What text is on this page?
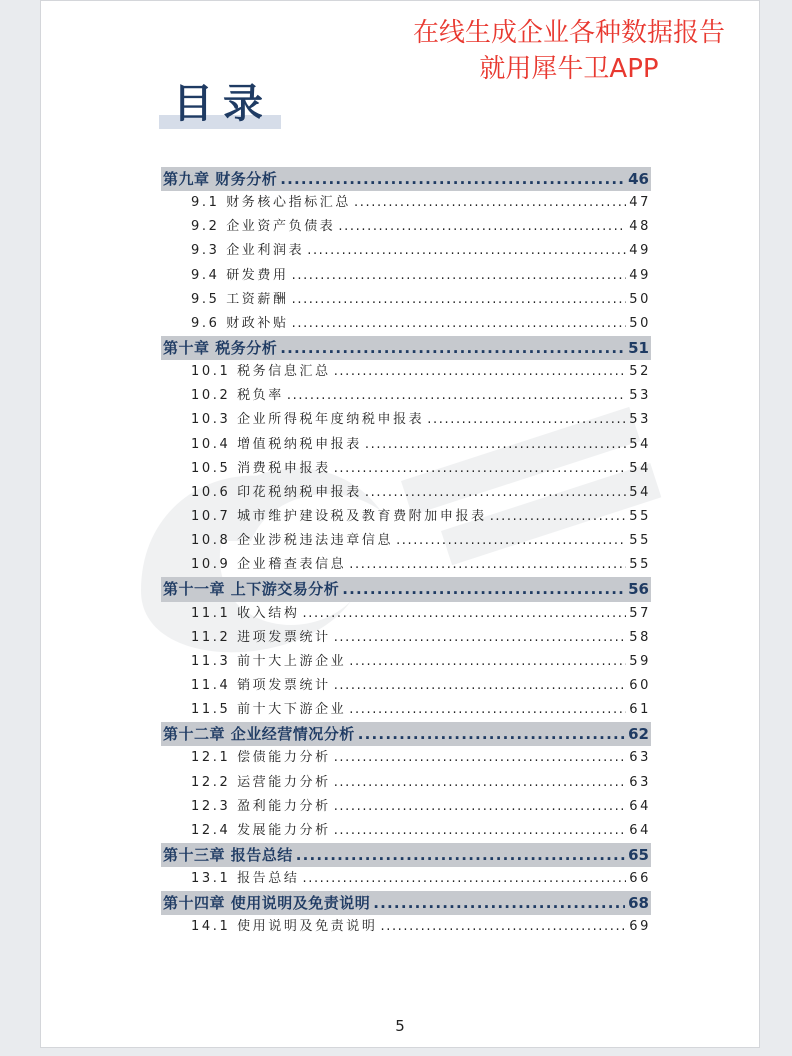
在线生成企业各种数据报告
就用犀牛卫APP
目录
第九章 财务分析 .....	46
9.1 财务核心指标汇总 .....	47
9.2 企业资产负债表 .....	48
9.3 企业利润表 .....	49
9.4 研发费用 .....	49
9.5 工资薪酬 .....	50
9.6 财政补贴 .....	50
第十章 税务分析 .....	51
10.1 税务信息汇总 .....	52
10.2 税负率 .....	53
10.3 企业所得税年度纳税申报表 .....	53
10.4 增值税纳税申报表 .....	54
10.5 消费税申报表 .....	54
10.6 印花税纳税申报表 .....	54
10.7 城市维护建设税及教育费附加申报表 .....	55
10.8 企业涉税违法违章信息 .....	55
10.9 企业稽查表信息 .....	55
第十一章 上下游交易分析 .....	56
11.1 收入结构 .....	57
11.2 进项发票统计 .....	58
11.3 前十大上游企业 .....	59
11.4 销项发票统计 .....	60
11.5 前十大下游企业 .....	61
第十二章 企业经营情况分析 .....	62
12.1 偿债能力分析 .....	63
12.2 运营能力分析 .....	63
12.3 盈利能力分析 .....	64
12.4 发展能力分析 .....	64
第十三章 报告总结 .....	65
13.1 报告总结 .....	66
第十四章 使用说明及免责说明 .....	68
14.1 使用说明及免责说明 .....	69
5
